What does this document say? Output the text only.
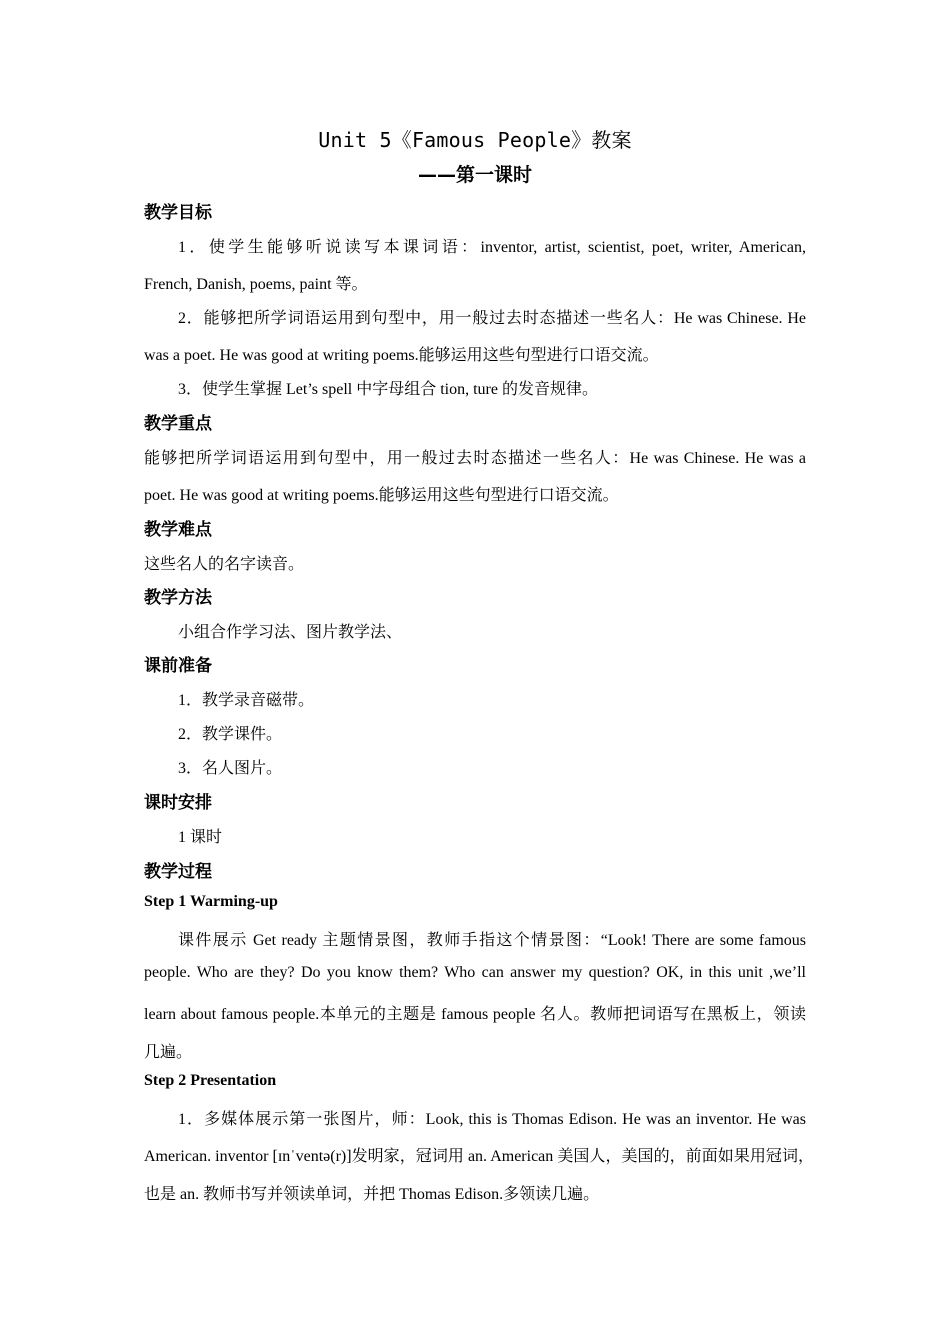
Unit 5《Famous People》教案
——第一课时
教学目标
1．使学生能够听说读写本课词语：inventor, artist, scientist, poet, writer, American,
French, Danish, poems, paint 等。
2．能够把所学词语运用到句型中，用一般过去时态描述一些名人：He was Chinese. He
was a poet. He was good at writing poems.能够运用这些句型进行口语交流。
3．使学生掌握 Let’s spell 中字母组合 tion, ture 的发音规律。
教学重点
能够把所学词语运用到句型中，用一般过去时态描述一些名人：He was Chinese. He was a
poet. He was good at writing poems.能够运用这些句型进行口语交流。
教学难点
这些名人的名字读音。
教学方法
小组合作学习法、图片教学法、
课前准备
1．教学录音磁带。
2．教学课件。
3．名人图片。
课时安排
1 课时
教学过程
Step 1 Warming-up
课件展示 Get ready 主题情景图，教师手指这个情景图：“Look! There are some famous
people. Who are they? Do you know them? Who can answer my question? OK, in this unit ,we’ll
learn about famous people.本单元的主题是 famous people 名人。教师把词语写在黑板上，领读
几遍。
Step 2 Presentation
1．多媒体展示第一张图片，师：Look, this is Thomas Edison. He was an inventor. He was
American. inventor [ɪnˈventə(r)]发明家，冠词用 an. American 美国人，美国的，前面如果用冠词，
也是 an. 教师书写并领读单词，并把 Thomas Edison.多领读几遍。
